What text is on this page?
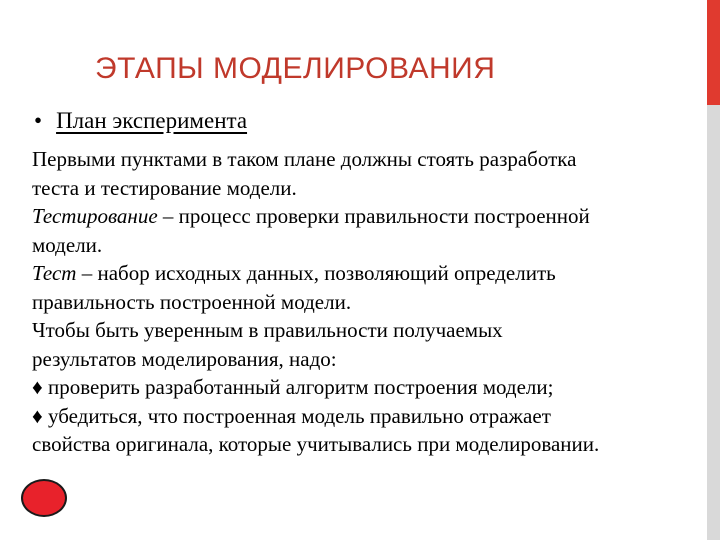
ЭТАПЫ МОДЕЛИРОВАНИЯ
• План эксперимента

Первыми пунктами в таком плане должны стоять разработка

теста и тестирование модели.

Тестирование – процесс проверки правильности построенной

модели.

Тест – набор исходных данных, позволяющий определить

правильность построенной модели.

Чтобы быть уверенным в правильности получаемых

результатов моделирования, надо:

♦ проверить разработанный алгоритм построения модели;

♦ убедиться, что построенная модель правильно отражает

свойства оригинала, которые учитывались при моделировании.
